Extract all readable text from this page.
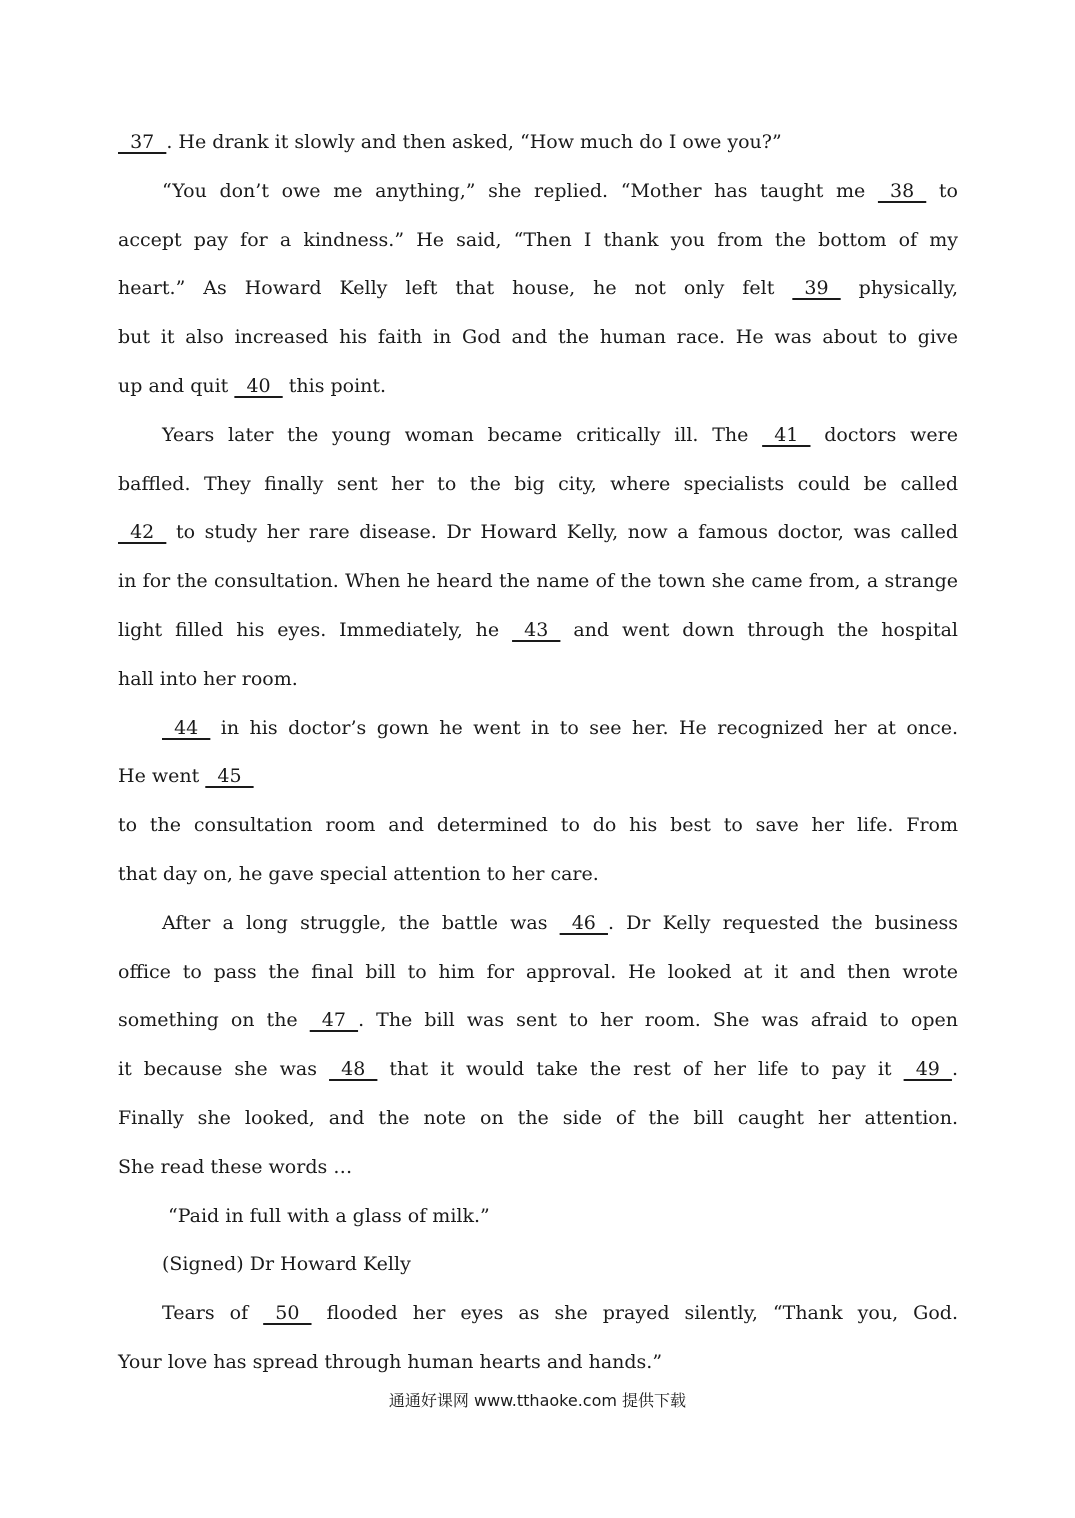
37  . He drank it slowly and then asked, “How much do I owe you?”
“You don’t owe me anything,” she replied. “Mother has taught me   38   to
accept pay for a kindness.” He said, “Then I thank you from the bottom of my
heart.” As Howard Kelly left that house, he not only felt   39   physically,
but it also increased his faith in God and the human race. He was about to give
up and quit   40   this point.
Years later the young woman became critically ill. The   41   doctors were
baffled. They finally sent her to the big city, where specialists could be called
42   to study her rare disease. Dr Howard Kelly, now a famous doctor, was called
in for the consultation. When he heard the name of the town she came from, a strange
light filled his eyes. Immediately, he   43   and went down through the hospital
hall into her room.
44   in his doctor’s gown he went in to see her. He recognized her at once.
He went   45
to the consultation room and determined to do his best to save her life. From
that day on, he gave special attention to her care.
After a long struggle, the battle was   46  . Dr Kelly requested the business
office to pass the final bill to him for approval. He looked at it and then wrote
something on the   47  . The bill was sent to her room. She was afraid to open
it because she was   48   that it would take the rest of her life to pay it   49  .
Finally she looked, and the note on the side of the bill caught her attention.
She read these words …
“Paid in full with a glass of milk.”
(Signed) Dr Howard Kelly
Tears of   50   flooded her eyes as she prayed silently, “Thank you, God.
Your love has spread through human hearts and hands.”
通通好课网 www.tthaoke.com 提供下载
